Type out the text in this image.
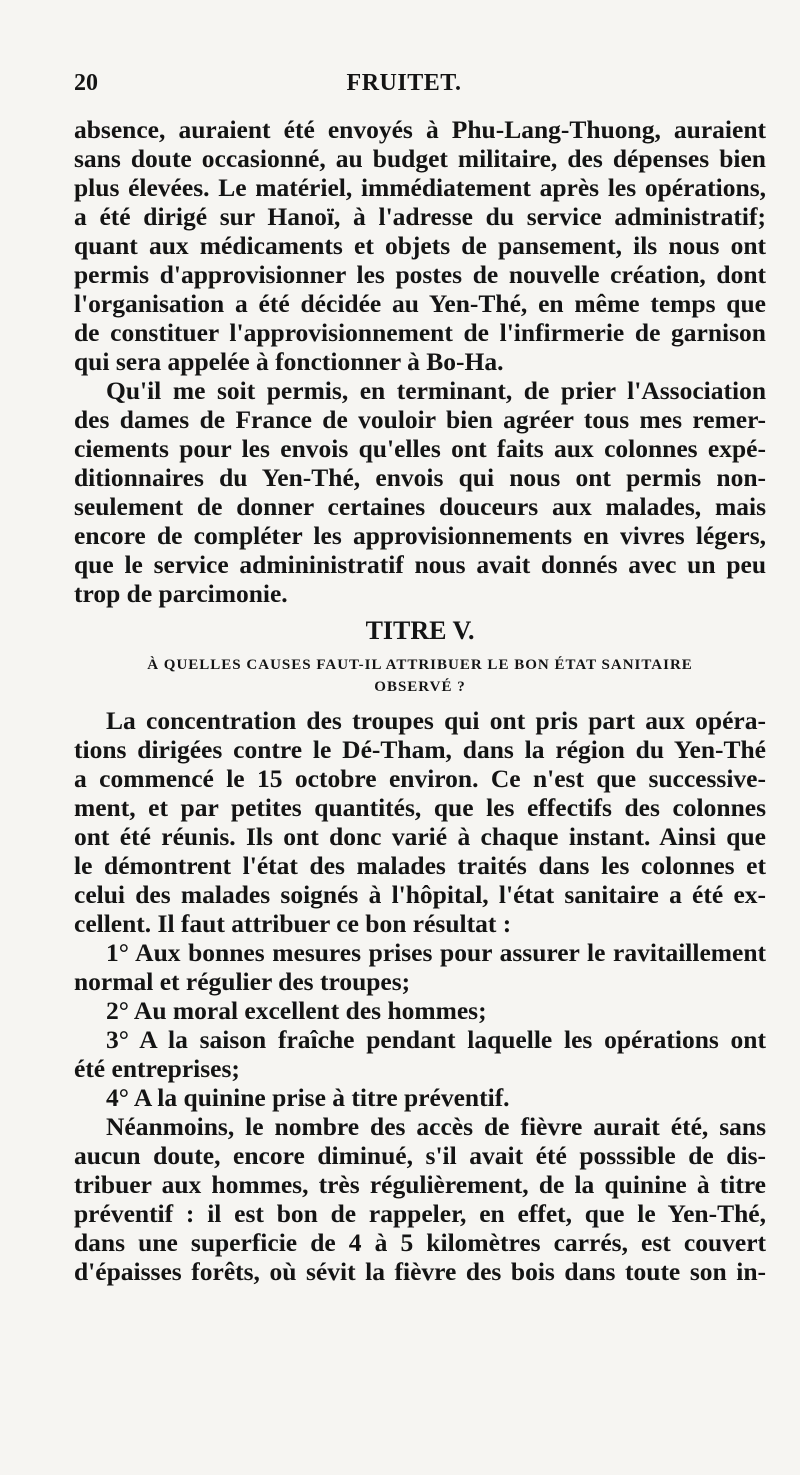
20	FRUITET.
absence, auraient été envoyés à Phu-Lang-Thuong, auraient
sans doute occasionné, au budget militaire, des dépenses bien
plus élevées. Le matériel, immédiatement après les opérations,
a été dirigé sur Hanoï, à l'adresse du service administratif;
quant aux médicaments et objets de pansement, ils nous ont
permis d'approvisionner les postes de nouvelle création, dont
l'organisation a été décidée au Yen-Thé, en même temps que
de constituer l'approvisionnement de l'infirmerie de garnison
qui sera appelée à fonctionner à Bo-Ha.
Qu'il me soit permis, en terminant, de prier l'Association
des dames de France de vouloir bien agréer tous mes remer-
ciements pour les envois qu'elles ont faits aux colonnes expé-
ditionnaires du Yen-Thé, envois qui nous ont permis non-
seulement de donner certaines douceurs aux malades, mais
encore de compléter les approvisionnements en vivres légers,
que le service admininistratif nous avait donnés avec un peu
trop de parcimonie.
TITRE V.
À QUELLES CAUSES FAUT-IL ATTRIBUER LE BON ÉTAT SANITAIRE
OBSERVÉ ?
La concentration des troupes qui ont pris part aux opéra-
tions dirigées contre le Dé-Tham, dans la région du Yen-Thé
a commencé le 15 octobre environ. Ce n'est que successive-
ment, et par petites quantités, que les effectifs des colonnes
ont été réunis. Ils ont donc varié à chaque instant. Ainsi que
le démontrent l'état des malades traités dans les colonnes et
celui des malades soignés à l'hôpital, l'état sanitaire a été ex-
cellent. Il faut attribuer ce bon résultat :
1° Aux bonnes mesures prises pour assurer le ravitaillement
normal et régulier des troupes;
2° Au moral excellent des hommes;
3° A la saison fraîche pendant laquelle les opérations ont
été entreprises;
4° A la quinine prise à titre préventif.
Néanmoins, le nombre des accès de fièvre aurait été, sans
aucun doute, encore diminué, s'il avait été posssible de dis-
tribuer aux hommes, très régulièrement, de la quinine à titre
préventif : il est bon de rappeler, en effet, que le Yen-Thé,
dans une superficie de 4 à 5 kilomètres carrés, est couvert
d'épaisses forêts, où sévit la fièvre des bois dans toute son in-
